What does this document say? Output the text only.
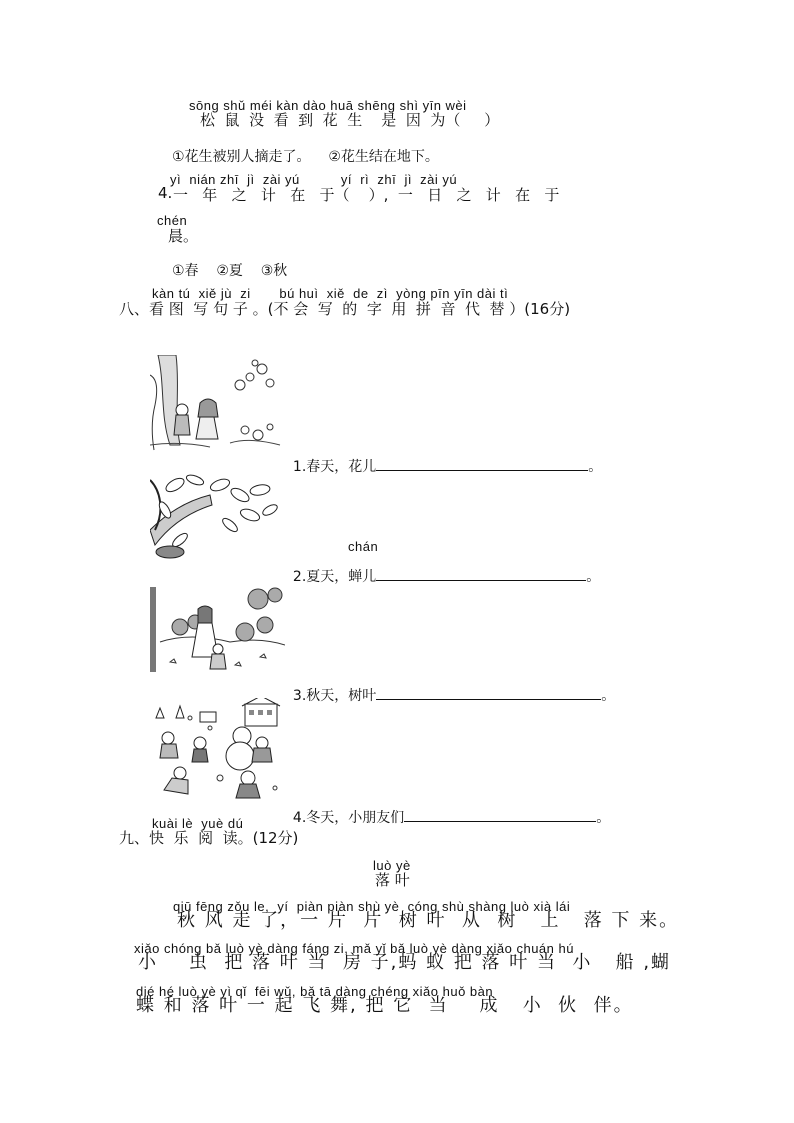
sōng shǔ méi kàn dào huā shēng shì yīn wèi
松  鼠  没  看  到  花  生    是  因  为（     ）
①花生被别人摘走了。    ②花生结在地下。
yì  nián zhī  jì  zài yú          yí  rì  zhī  jì  zài yú
4. 一   年   之   计   在   于（    ）,  一   日   之   计   在   于
chén
晨。
①春    ②夏    ③秋
kàn tú  xiě jù  zi       bú huì  xiě  de  zì  yòng pīn yīn dài tì
八、看 图  写 句 子 。(不 会  写  的  字  用  拼  音  代  替 ）(16分)

1.春天，花儿	。

chán

2.夏天，蝉儿	。

3.秋天，树叶	。

4.冬天，小朋友们	。

kuài lè  yuè dú
九、快  乐  阅  读。(12分)
luò yè
落 叶
qiū fēng zǒu le,  yí  piàn piàn shù yè  cóng shù shàng luò xià lái
秋 风 走 了，一 片  片  树 叶  从  树   上   落 下 来。
xiǎo chóng bǎ luò yè dàng fáng zi, mǎ yǐ bǎ luò yè dàng xiǎo chuán hú
小    虫  把 落 叶 当  房 子,蚂 蚁 把 落 叶 当  小   船 ,蝴
dié hé luò yè yì qǐ  fēi wǔ, bǎ tā dàng chéng xiǎo huǒ bàn
蝶 和 落 叶 一 起 飞 舞, 把 它  当    成   小  伙  伴。
